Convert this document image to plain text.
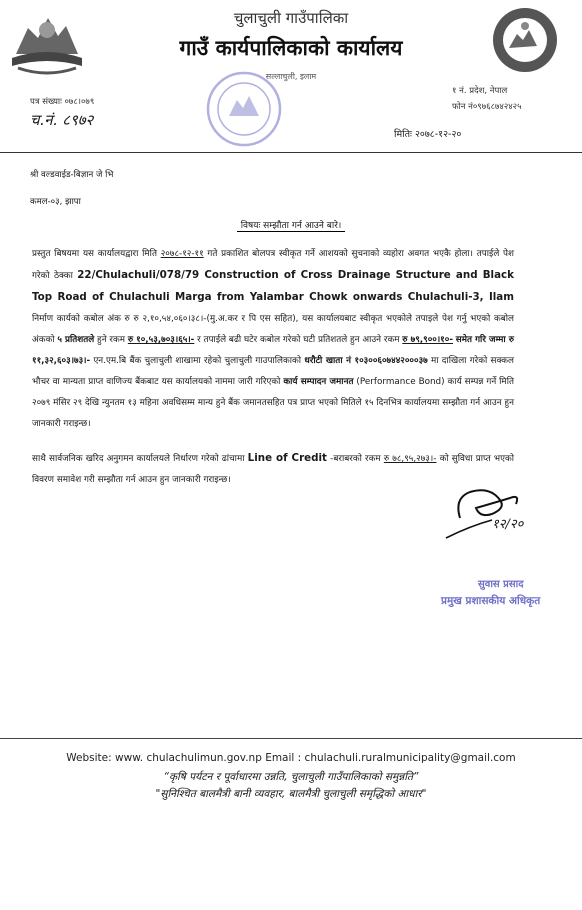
चुलाचुली गाउँपालिका
गाउँ कार्यपालिकाको कार्यालय
सल्लाचुली, इलाम
१ नं. प्रदेश, नेपाल
फोन नं०९७६८७४२४२५
पत्र संख्याः ०७८।०७९
च.नं. ८९७२
मितिः २०७८-१२-२०
श्री वल्डवाईड-बिज्ञान जे भि
कमल-०३, झापा
विषयः सम्झौता गर्न आउने बारे।
प्रस्तुत बिषयमा यस कार्यालयद्वारा मिति २०७८-१२-११ गते प्रकाशित बोलपत्र स्वीकृत गर्ने आशयको सुचनाको व्यहोरा अवगत भएकै होला। तपाईले पेश गरेको ठेक्का 22/Chulachuli/078/79 Construction of Cross Drainage Structure and Black Top Road of Chulachuli Marga from Yalambar Chowk onwards Chulachuli-3, Ilam निर्माण कार्यको कबोल अंक रु रु २,१०,५४,०६०।३८।-(मु.अ.कर र पि एस सहित), यस कार्यालयबाट स्वीकृत भएकोले तपाइले पेश गर्नु भएको कबोल अंकको ५ प्रतिशतले हुने रकम रु १०,५३,७०३।६५।- र तपाईले बढी घटेर कबोल गरेको घटी प्रतिशतले हुन आउने रकम रु ७९,९००।१०- समेत गरि जम्मा रु ११,३२,६०३।७३।- एन.एम.बि बैंक चुलाचुली शाखामा रहेको चुलाचुली गाउपालिकाको धरौटी खाता नं १०३००६०७४४२०००३७ मा दाखिला गरेको सक्कल भौचर वा मान्यता प्राप्त वाणिज्य बैंकबाट यस कार्यालयको नाममा जारी गरिएको कार्य सम्पादन जमानत (Performance Bond) कार्य सम्पन्न गर्ने मिति २०७९ मंसिर २९ देखि न्युनतम १३ महिना अवधिसम्म मान्य हुने बैंक जमानतसहित पत्र प्राप्त भएको मितिले १५ दिनभित्र कार्यालयमा सम्झौता गर्न आउन हुन जानकारी गराइन्छ।
साथै सार्वजनिक खरिद अनुगमन कार्यालयले निर्धारण गरेको ढांचामा Line of Credit -बराबरको रकम रु ७८,९५,२७३।- को सुविधा प्राप्त भएको विवरण समावेश गरी सम्झौता गर्न आउन हुन जानकारी गराइन्छ।
१२/२०
सुवास प्रसाद
प्रमुख प्रशासकीय अधिकृत
Website: www. chulachulimun.gov.np Email : chulachuli.ruralmunicipality@gmail.com
“कृषि पर्यटन र पूर्वाधारमा उन्नति, चुलाचुली गाउँपालिकाको समुन्नति”
"सुनिश्चित बालमैत्री बानी व्यवहार, बालमैत्री चुलाचुली समृद्धिको आधार"
